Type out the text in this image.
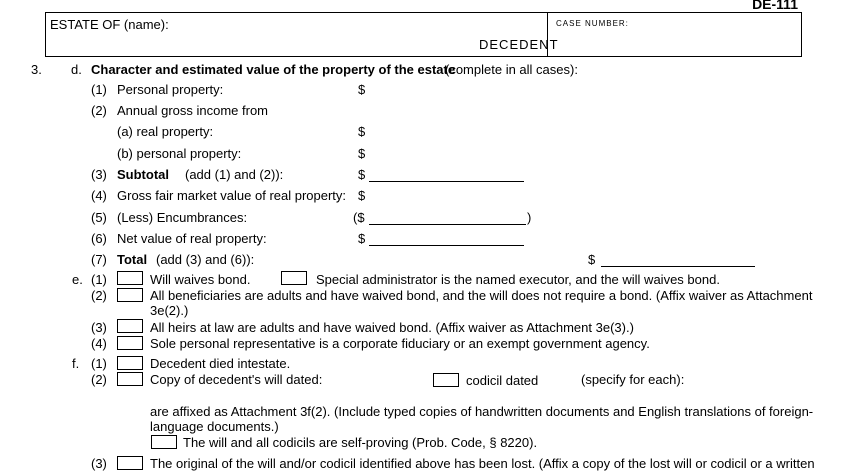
DE-111
ESTATE OF (name):
DECEDENT
CASE NUMBER:
3. d. Character and estimated value of the property of the estate
(complete in all cases):
(1) Personal property:	$
(2) Annual gross income from
(a) real property:	$
(b) personal property:	$
(3) Subtotal (add (1) and (2)):	$
(4) Gross fair market value of real property: $
(5) (Less) Encumbrances:	($	)
(6) Net value of real property:	$
(7) Total (add (3) and (6)):	$
e. (1)	Will waives bond.	Special administrator is the named executor, and the will waives bond.
(2)	All beneficiaries are adults and have waived bond, and the will does not require a bond. (Affix waiver as Attachment
3e(2).)
(3)	All heirs at law are adults and have waived bond. (Affix waiver as Attachment 3e(3).)
(4)	Sole personal representative is a corporate fiduciary or an exempt government agency.
f. (1)	Decedent died intestate.
(2)	Copy of decedent's will dated:	codicil dated	(specify for each):
are affixed as Attachment 3f(2). (Include typed copies of handwritten documents and English translations of foreign-
language documents.)
The will and all codicils are self-proving (Prob. Code, § 8220).
(3)	The original of the will and/or codicil identified above has been lost. (Affix a copy of the lost will or codicil or a written
